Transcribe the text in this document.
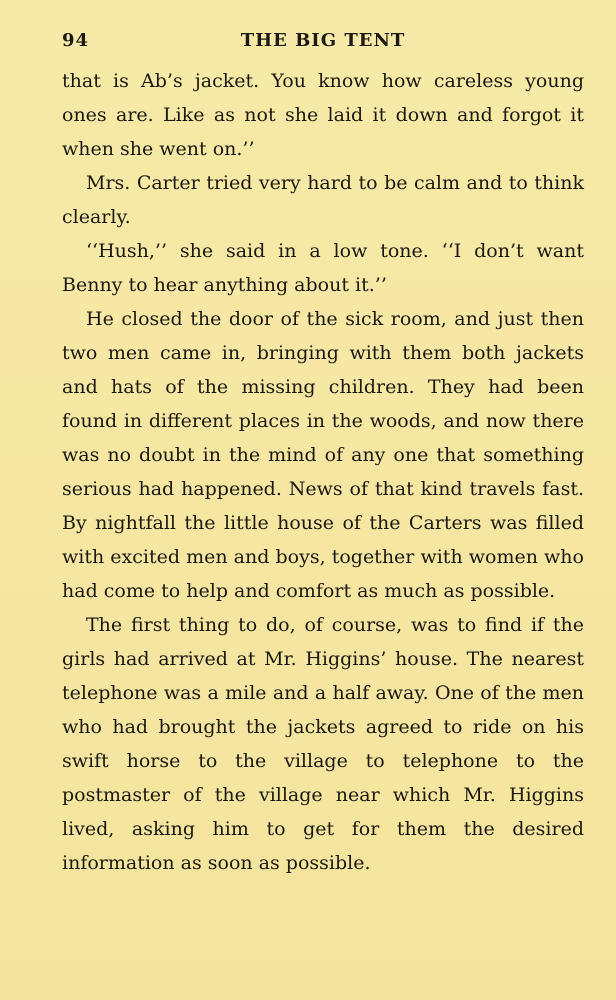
94	THE BIG TENT

that is Ab’s jacket. You know how careless young ones are. Like as not she laid it down and forgot it when she went on.’’

Mrs. Carter tried very hard to be calm and to think clearly.

‘‘Hush,’’ she said in a low tone. ‘‘I don’t want Benny to hear anything about it.’’

He closed the door of the sick room, and just then two men came in, bringing with them both jackets and hats of the missing children. They had been found in different places in the woods, and now there was no doubt in the mind of any one that something serious had happened. News of that kind travels fast. By nightfall the little house of the Carters was filled with excited men and boys, together with women who had come to help and comfort as much as possible.

The first thing to do, of course, was to find if the girls had arrived at Mr. Higgins’ house. The nearest telephone was a mile and a half away. One of the men who had brought the jackets agreed to ride on his swift horse to the village to telephone to the postmaster of the village near which Mr. Higgins lived, asking him to get for them the desired information as soon as possible.
